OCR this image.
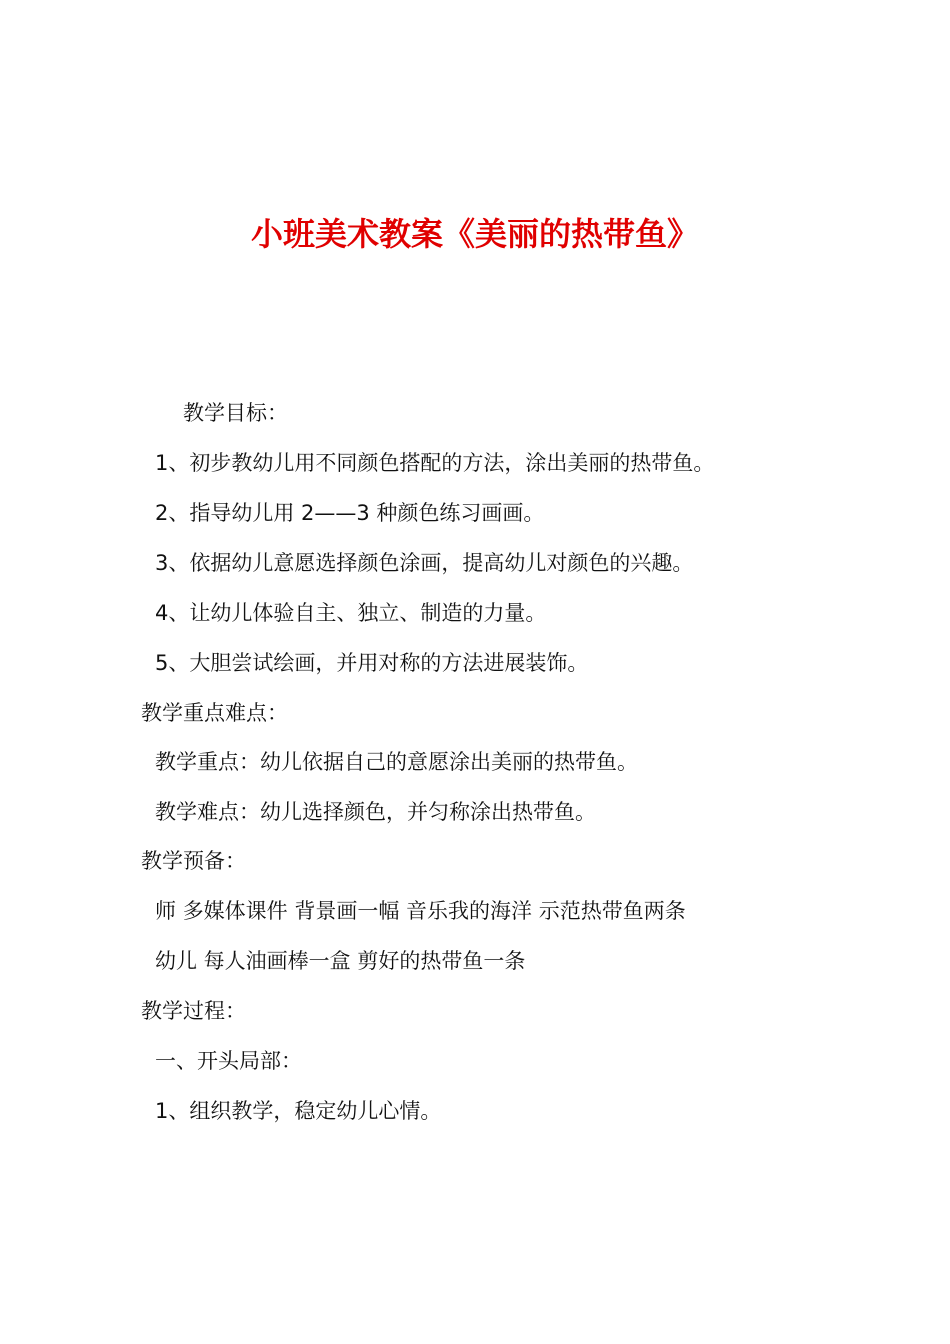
小班美术教案《美丽的热带鱼》
教学目标：
1、初步教幼儿用不同颜色搭配的方法，涂出美丽的热带鱼。
2、指导幼儿用 2——3 种颜色练习画画。
3、依据幼儿意愿选择颜色涂画，提高幼儿对颜色的兴趣。
4、让幼儿体验自主、独立、制造的力量。
5、大胆尝试绘画，并用对称的方法进展装饰。
教学重点难点：
教学重点：幼儿依据自己的意愿涂出美丽的热带鱼。
教学难点：幼儿选择颜色，并匀称涂出热带鱼。
教学预备：
师 多媒体课件 背景画一幅 音乐我的海洋 示范热带鱼两条
幼儿 每人油画棒一盒 剪好的热带鱼一条
教学过程：
一、开头局部：
1、组织教学，稳定幼儿心情。
